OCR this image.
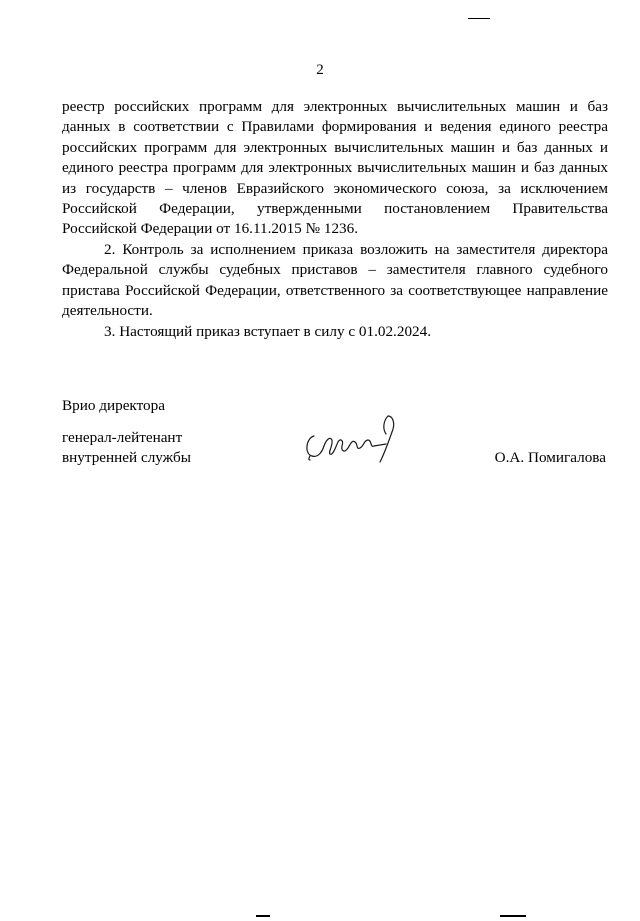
2
реестр российских программ для электронных вычислительных машин и баз данных в соответствии с Правилами формирования и ведения единого реестра российских программ для электронных вычислительных машин и баз данных и единого реестра программ для электронных вычислительных машин и баз данных из государств – членов Евразийского экономического союза, за исключением Российской Федерации, утвержденными постановлением Правительства Российской Федерации от 16.11.2015 № 1236.
2. Контроль за исполнением приказа возложить на заместителя директора Федеральной службы судебных приставов – заместителя главного судебного пристава Российской Федерации, ответственного за соответствующее направление деятельности.
3. Настоящий приказ вступает в силу с 01.02.2024.
Врио директора
генерал-лейтенант
внутренней службы	О.А. Помигалова
